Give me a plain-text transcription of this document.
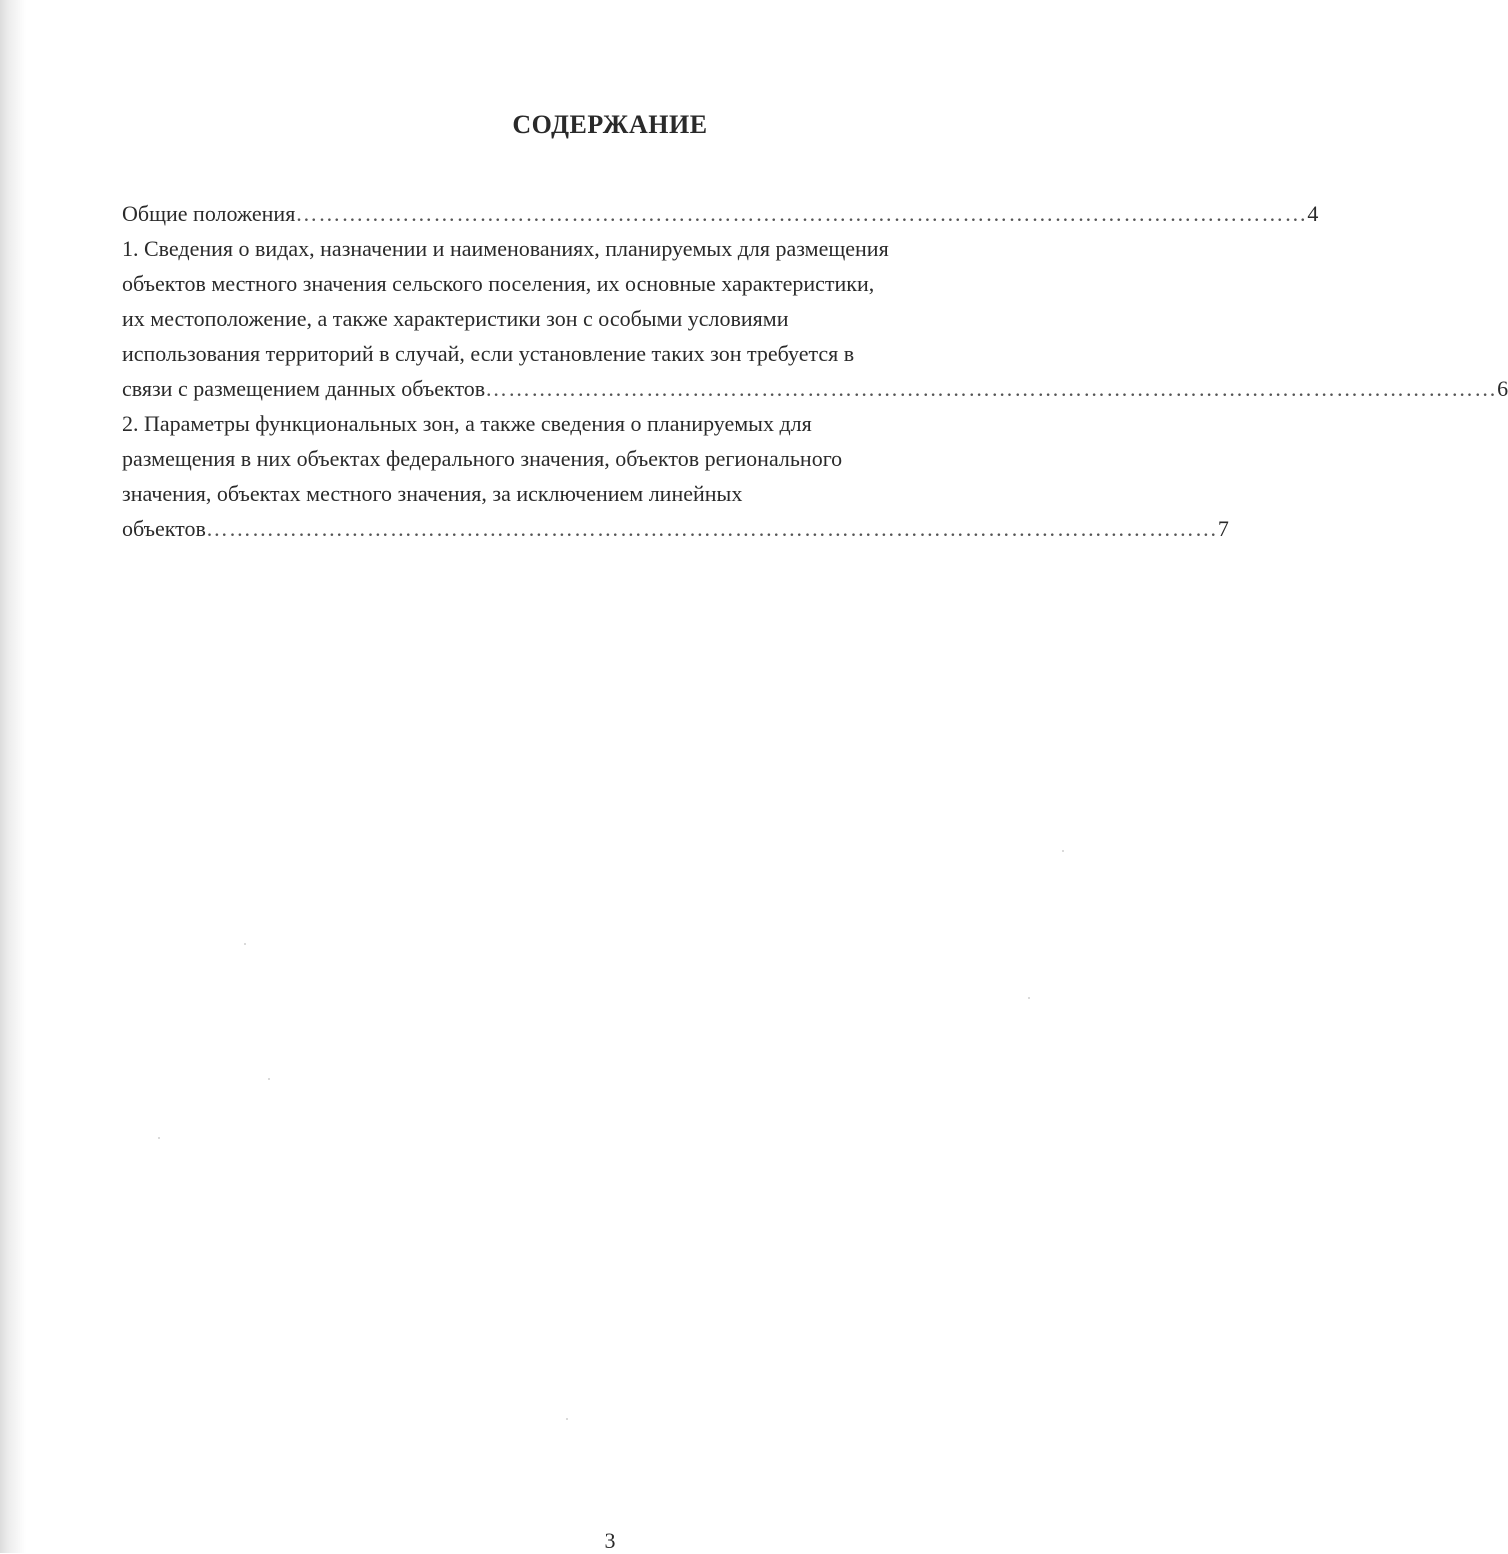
СОДЕРЖАНИЕ
Общие положения …………………………………………………………………………………………………………………… 4
1. Сведения о видах, назначении и наименованиях, планируемых для размещения
объектов местного значения сельского поселения, их основные характеристики,
их местоположение, а также характеристики зон с особыми условиями
использования территорий в случай, если установление таких зон требуется в
связи с размещением данных объектов …………………………………………………………………………………………………………………… 6
2. Параметры функциональных зон, а также сведения о планируемых для
размещения в них объектах федерального значения, объектов регионального
значения, объектах местного значения, за исключением линейных
объектов …………………………………………………………………………………………………………………… 7
3
